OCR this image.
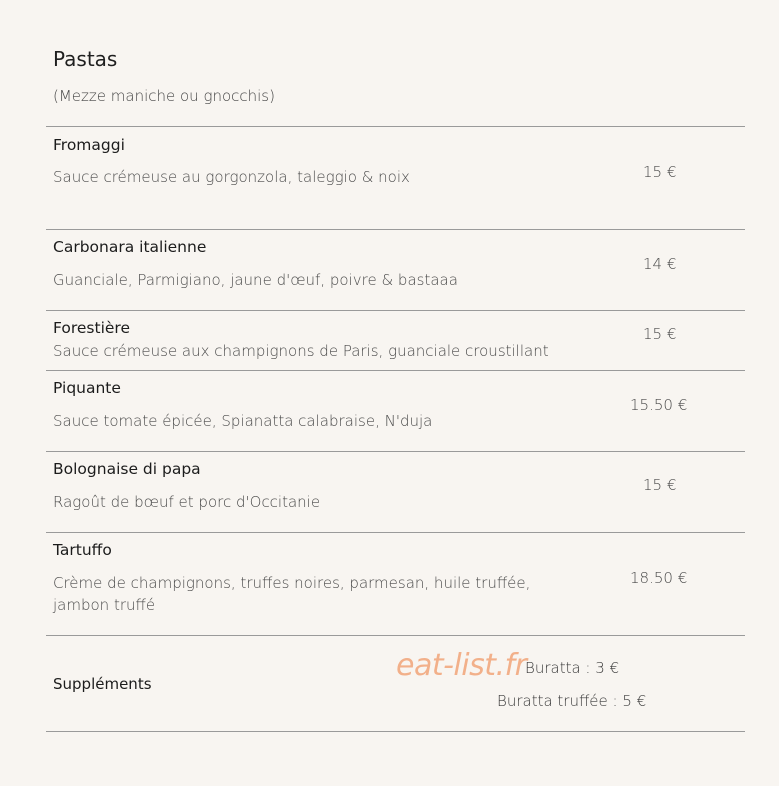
Pastas
(Mezze maniche ou gnocchis)
Fromaggi
Sauce crémeuse au gorgonzola, taleggio & noix	15 €
Carbonara italienne
Guanciale, Parmigiano, jaune d'œuf, poivre & bastaaa
14 €
Forestière
Sauce crémeuse aux champignons de Paris, guanciale croustillant
15 €
Piquante
Sauce tomate épicée, Spianatta calabraise, N'duja
15.50 €
Bolognaise di papa
Ragoût de bœuf et porc d'Occitanie
15 €
Tartuffo
Crème de champignons, truffes noires, parmesan, huile truffée, jambon truffé
18.50 €
Suppléments
eat-list.fr
Buratta : 3 €
Buratta truffée : 5 €
